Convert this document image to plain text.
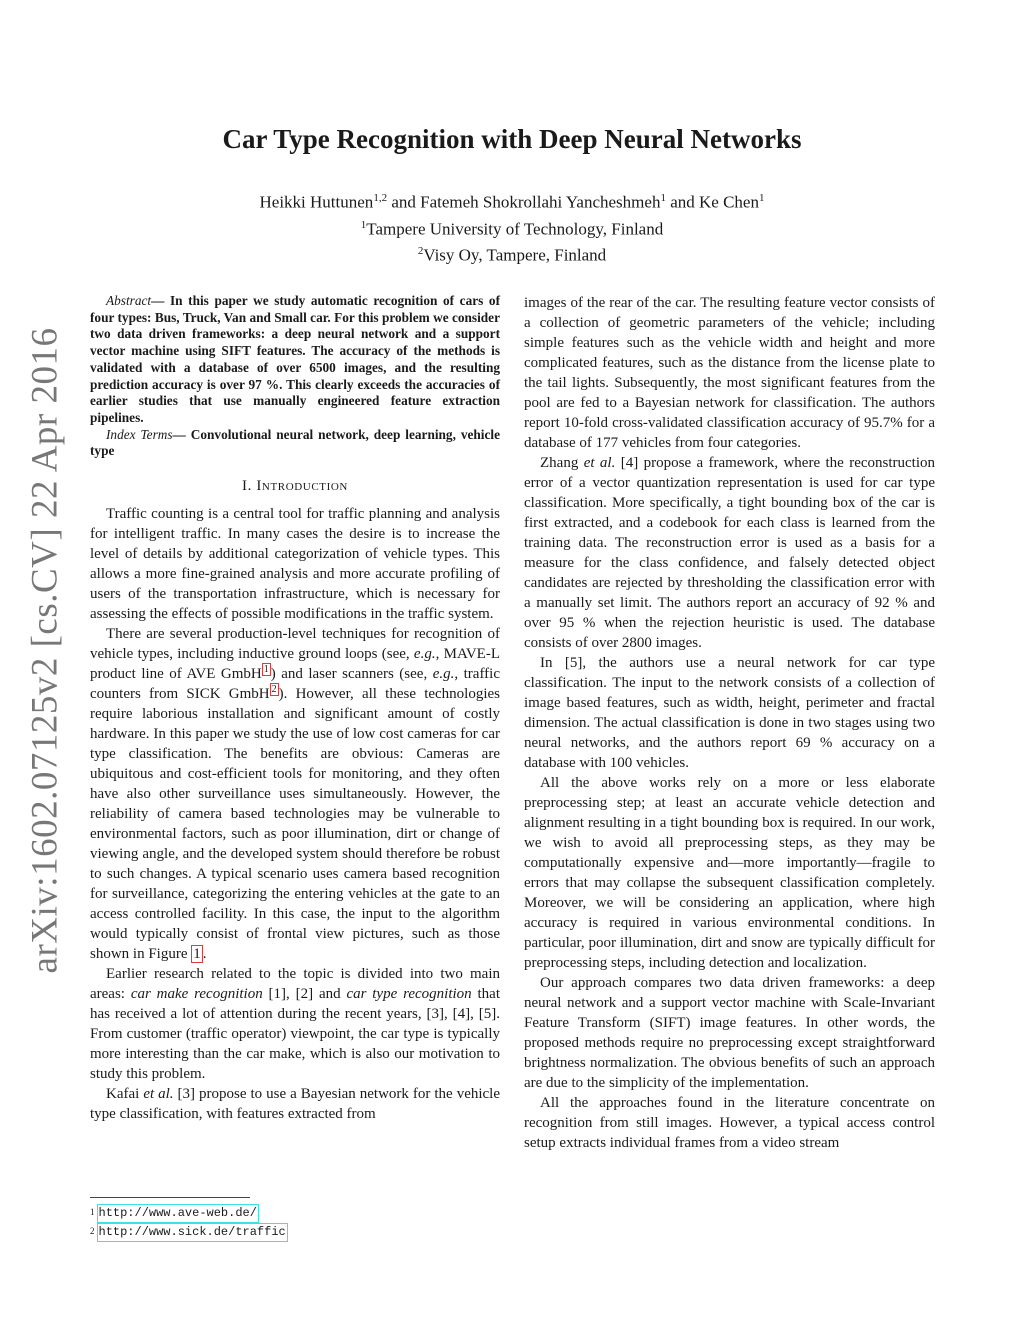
arXiv:1602.07125v2 [cs.CV] 22 Apr 2016
Car Type Recognition with Deep Neural Networks
Heikki Huttunen$^{1,2}$ and Fatemeh Shokrollahi Yancheshmeh$^1$ and Ke Chen$^1$
$^1$Tampere University of Technology, Finland
$^2$Visy Oy, Tampere, Finland

Abstract— In this paper we study automatic recognition of cars of four types: Bus, Truck, Van and Small car. For this problem we consider two data driven frameworks: a deep neural network and a support vector machine using SIFT features. The accuracy of the methods is validated with a database of over 6500 images, and the resulting prediction accuracy is over 97 %. This clearly exceeds the accuracies of earlier studies that use manually engineered feature extraction pipelines.

Index Terms— Convolutional neural network, deep learning, vehicle type

I. Introduction

Traffic counting is a central tool for traffic planning and analysis for intelligent traffic. In many cases the desire is to increase the level of details by additional categorization of vehicle types. This allows a more fine-grained analysis and more accurate profiling of users of the transportation infrastructure, which is necessary for assessing the effects of possible modifications in the traffic system.

There are several production-level techniques for recognition of vehicle types, including inductive ground loops (see, e.g., MAVE-L product line of AVE GmbH $^1$ ) and laser scanners (see, e.g., traffic counters from SICK GmbH $^2$ ). However, all these technologies require laborious installation and significant amount of costly hardware. In this paper we study the use of low cost cameras for car type classification. The benefits are obvious: Cameras are ubiquitous and cost-efficient tools for monitoring, and they often have also other surveillance uses simultaneously. However, the reliability of camera based technologies may be vulnerable to environmental factors, such as poor illumination, dirt or change of viewing angle, and the developed system should therefore be robust to such changes. A typical scenario uses camera based recognition for surveillance, categorizing the entering vehicles at the gate to an access controlled facility. In this case, the input to the algorithm would typically consist of frontal view pictures, such as those shown in Figure 1 .

Earlier research related to the topic is divided into two main areas: car make recognition [1], [2] and car type recognition that has received a lot of attention during the recent years, [3], [4], [5]. From customer (traffic operator) viewpoint, the car type is typically more interesting than the car make, which is also our motivation to study this problem.

Kafai et al. [3] propose to use a Bayesian network for the vehicle type classification, with features extracted from

1 http://www.ave-web.de/
2 http://www.sick.de/traffic

images of the rear of the car. The resulting feature vector consists of a collection of geometric parameters of the vehicle; including simple features such as the vehicle width and height and more complicated features, such as the distance from the license plate to the tail lights. Subsequently, the most significant features from the pool are fed to a Bayesian network for classification. The authors report 10-fold cross-validated classification accuracy of 95.7% for a database of 177 vehicles from four categories.

Zhang et al. [4] propose a framework, where the reconstruction error of a vector quantization representation is used for car type classification. More specifically, a tight bounding box of the car is first extracted, and a codebook for each class is learned from the training data. The reconstruction error is used as a basis for a measure for the class confidence, and falsely detected object candidates are rejected by thresholding the classification error with a manually set limit. The authors report an accuracy of 92 % and over 95 % when the rejection heuristic is used. The database consists of over 2800 images.

In [5], the authors use a neural network for car type classification. The input to the network consists of a collection of image based features, such as width, height, perimeter and fractal dimension. The actual classification is done in two stages using two neural networks, and the authors report 69 % accuracy on a database with 100 vehicles.

All the above works rely on a more or less elaborate preprocessing step; at least an accurate vehicle detection and alignment resulting in a tight bounding box is required. In our work, we wish to avoid all preprocessing steps, as they may be computationally expensive and—more importantly—fragile to errors that may collapse the subsequent classification completely. Moreover, we will be considering an application, where high accuracy is required in various environmental conditions. In particular, poor illumination, dirt and snow are typically difficult for preprocessing steps, including detection and localization.

Our approach compares two data driven frameworks: a deep neural network and a support vector machine with Scale-Invariant Feature Transform (SIFT) image features. In other words, the proposed methods require no preprocessing except straightforward brightness normalization. The obvious benefits of such an approach are due to the simplicity of the implementation.

All the approaches found in the literature concentrate on recognition from still images. However, a typical access control setup extracts individual frames from a video stream
